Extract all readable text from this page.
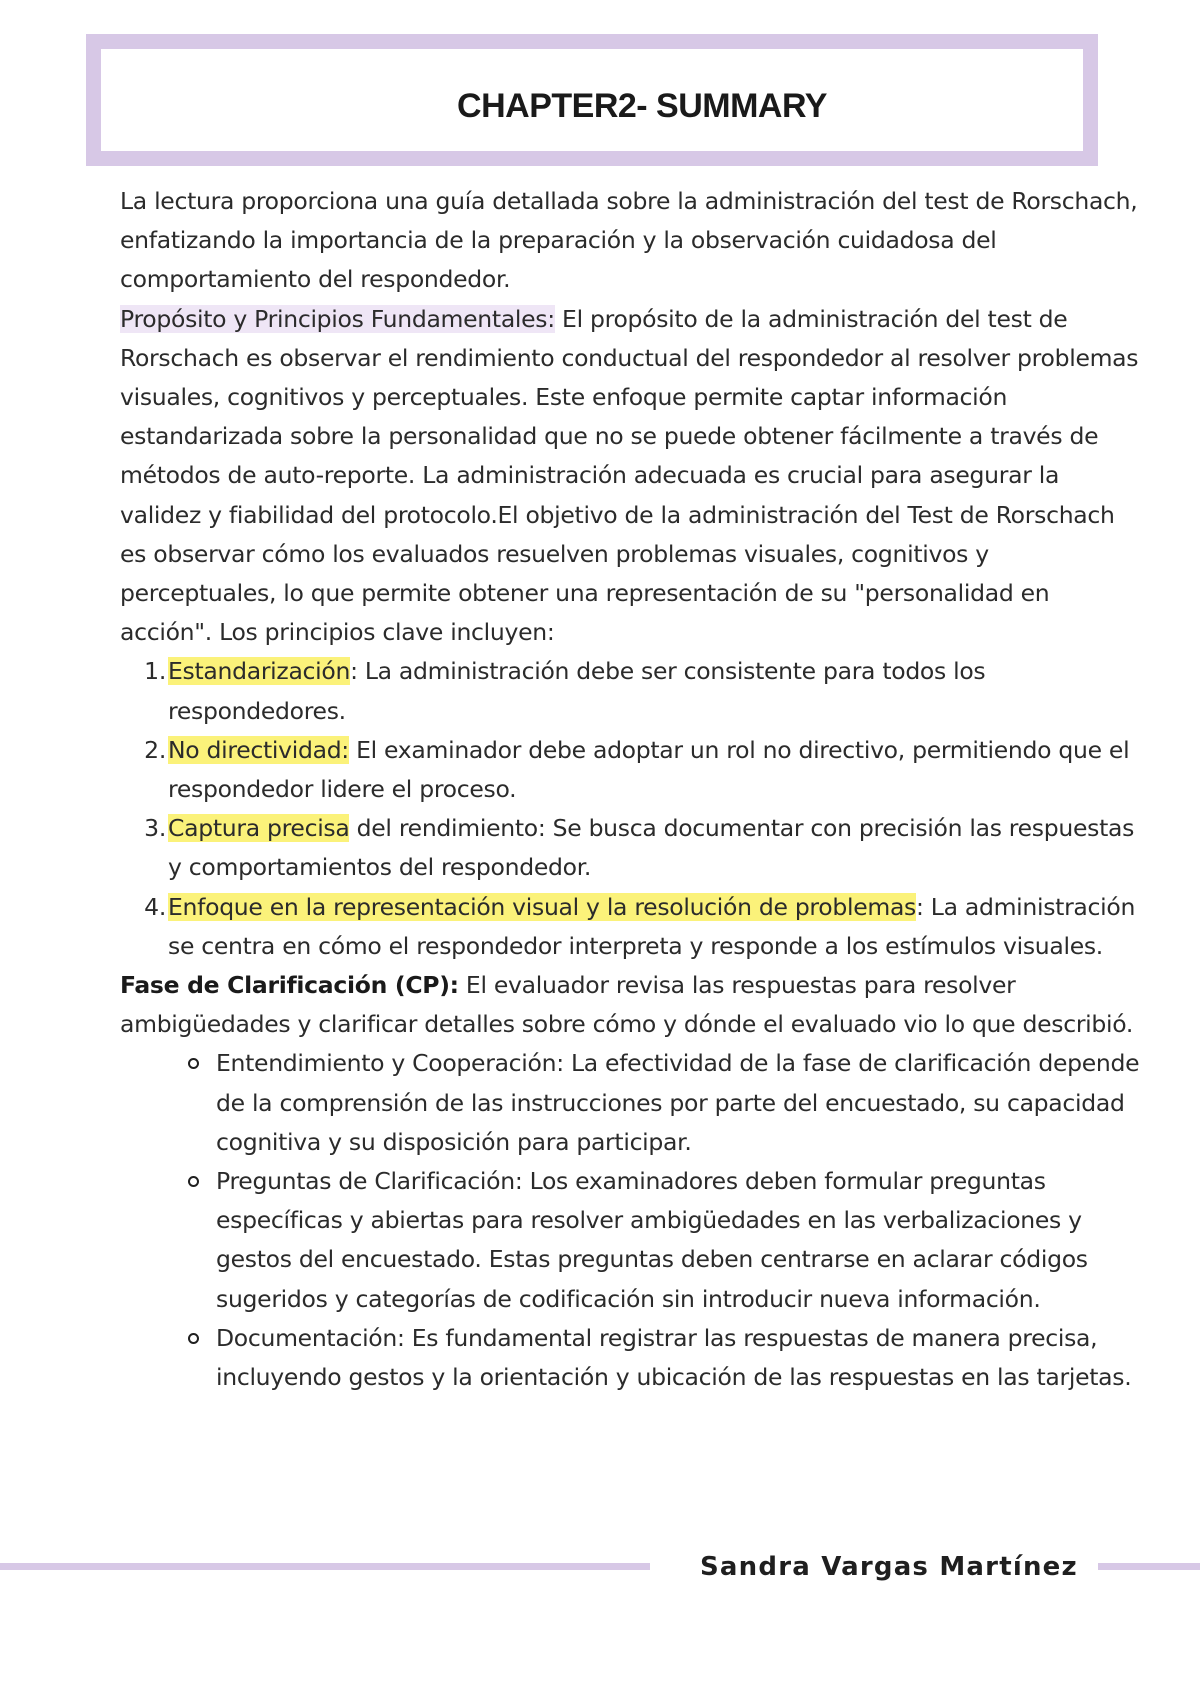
CHAPTER2- SUMMARY

La lectura proporciona una guía detallada sobre la administración del test de Rorschach, enfatizando la importancia de la preparación y la observación cuidadosa del comportamiento del respondedor.

Propósito y Principios Fundamentales: El propósito de la administración del test de Rorschach es observar el rendimiento conductual del respondedor al resolver problemas visuales, cognitivos y perceptuales. Este enfoque permite captar información estandarizada sobre la personalidad que no se puede obtener fácilmente a través de métodos de auto-reporte. La administración adecuada es crucial para asegurar la validez y fiabilidad del protocolo.El objetivo de la administración del Test de Rorschach es observar cómo los evaluados resuelven problemas visuales, cognitivos y perceptuales, lo que permite obtener una representación de su "personalidad en acción". Los principios clave incluyen:

1. Estandarización: La administración debe ser consistente para todos los respondedores.
2. No directividad: El examinador debe adoptar un rol no directivo, permitiendo que el respondedor lidere el proceso.
3. Captura precisa del rendimiento: Se busca documentar con precisión las respuestas y comportamientos del respondedor.
4. Enfoque en la representación visual y la resolución de problemas: La administración se centra en cómo el respondedor interpreta y responde a los estímulos visuales.

Fase de Clarificación (CP): El evaluador revisa las respuestas para resolver ambigüedades y clarificar detalles sobre cómo y dónde el evaluado vio lo que describió.

Entendimiento y Cooperación: La efectividad de la fase de clarificación depende de la comprensión de las instrucciones por parte del encuestado, su capacidad cognitiva y su disposición para participar.
Preguntas de Clarificación: Los examinadores deben formular preguntas específicas y abiertas para resolver ambigüedades en las verbalizaciones y gestos del encuestado. Estas preguntas deben centrarse en aclarar códigos sugeridos y categorías de codificación sin introducir nueva información.
Documentación: Es fundamental registrar las respuestas de manera precisa, incluyendo gestos y la orientación y ubicación de las respuestas en las tarjetas.
Sandra Vargas Martínez
